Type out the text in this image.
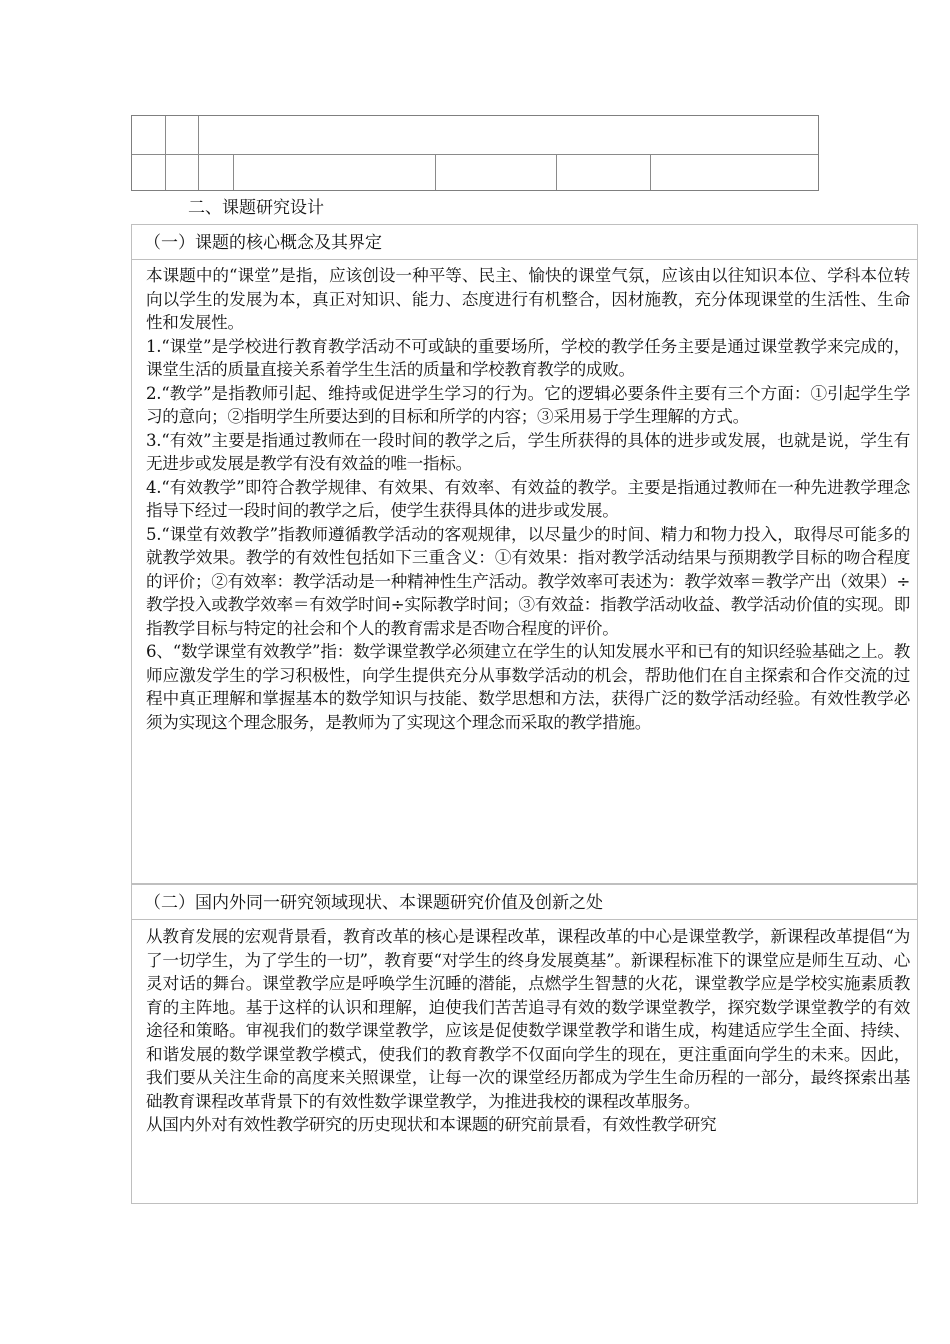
二、课题研究设计
（一）课题的核心概念及其界定

本课题中的“课堂”是指，应该创设一种平等、民主、愉快的课堂气氛，应该由以往知识本位、学科本位转向以学生的发展为本，真正对知识、能力、态度进行有机整合，因材施教，充分体现课堂的生活性、生命性和发展性。

1.“课堂”是学校进行教育教学活动不可或缺的重要场所，学校的教学任务主要是通过课堂教学来完成的，课堂生活的质量直接关系着学生生活的质量和学校教育教学的成败。

2.“教学”是指教师引起、维持或促进学生学习的行为。它的逻辑必要条件主要有三个方面：①引起学生学习的意向；②指明学生所要达到的目标和所学的内容；③采用易于学生理解的方式。

3.“有效”主要是指通过教师在一段时间的教学之后，学生所获得的具体的进步或发展，也就是说，学生有无进步或发展是教学有没有效益的唯一指标。

4.“有效教学”即符合教学规律、有效果、有效率、有效益的教学。主要是指通过教师在一种先进教学理念指导下经过一段时间的教学之后，使学生获得具体的进步或发展。

5.“课堂有效教学”指教师遵循教学活动的客观规律，以尽量少的时间、精力和物力投入，取得尽可能多的就教学效果。教学的有效性包括如下三重含义：①有效果：指对教学活动结果与预期教学目标的吻合程度的评价；②有效率：教学活动是一种精神性生产活动。教学效率可表述为：教学效率＝教学产出（效果）÷教学投入或教学效率＝有效学时间÷实际教学时间；③有效益：指教学活动收益、教学活动价值的实现。即指教学目标与特定的社会和个人的教育需求是否吻合程度的评价。

6、“数学课堂有效教学”指：数学课堂教学必须建立在学生的认知发展水平和已有的知识经验基础之上。教师应激发学生的学习积极性，向学生提供充分从事数学活动的机会，帮助他们在自主探索和合作交流的过程中真正理解和掌握基本的数学知识与技能、数学思想和方法，获得广泛的数学活动经验。有效性教学必须为实现这个理念服务，是教师为了实现这个理念而采取的教学措施。

（二）国内外同一研究领域现状、本课题研究价值及创新之处

从教育发展的宏观背景看，教育改革的核心是课程改革，课程改革的中心是课堂教学，新课程改革提倡“为了一切学生，为了学生的一切”，教育要“对学生的终身发展奠基”。新课程标准下的课堂应是师生互动、心灵对话的舞台。课堂教学应是呼唤学生沉睡的潜能，点燃学生智慧的火花，课堂教学应是学校实施素质教育的主阵地。基于这样的认识和理解，迫使我们苦苦追寻有效的数学课堂教学，探究数学课堂教学的有效途径和策略。审视我们的数学课堂教学，应该是促使数学课堂教学和谐生成，构建适应学生全面、持续、和谐发展的数学课堂教学模式，使我们的教育教学不仅面向学生的现在，更注重面向学生的未来。因此，我们要从关注生命的高度来关照课堂，让每一次的课堂经历都成为学生生命历程的一部分，最终探索出基础教育课程改革背景下的有效性数学课堂教学，为推进我校的课程改革服务。

从国内外对有效性教学研究的历史现状和本课题的研究前景看，有效性教学研究
